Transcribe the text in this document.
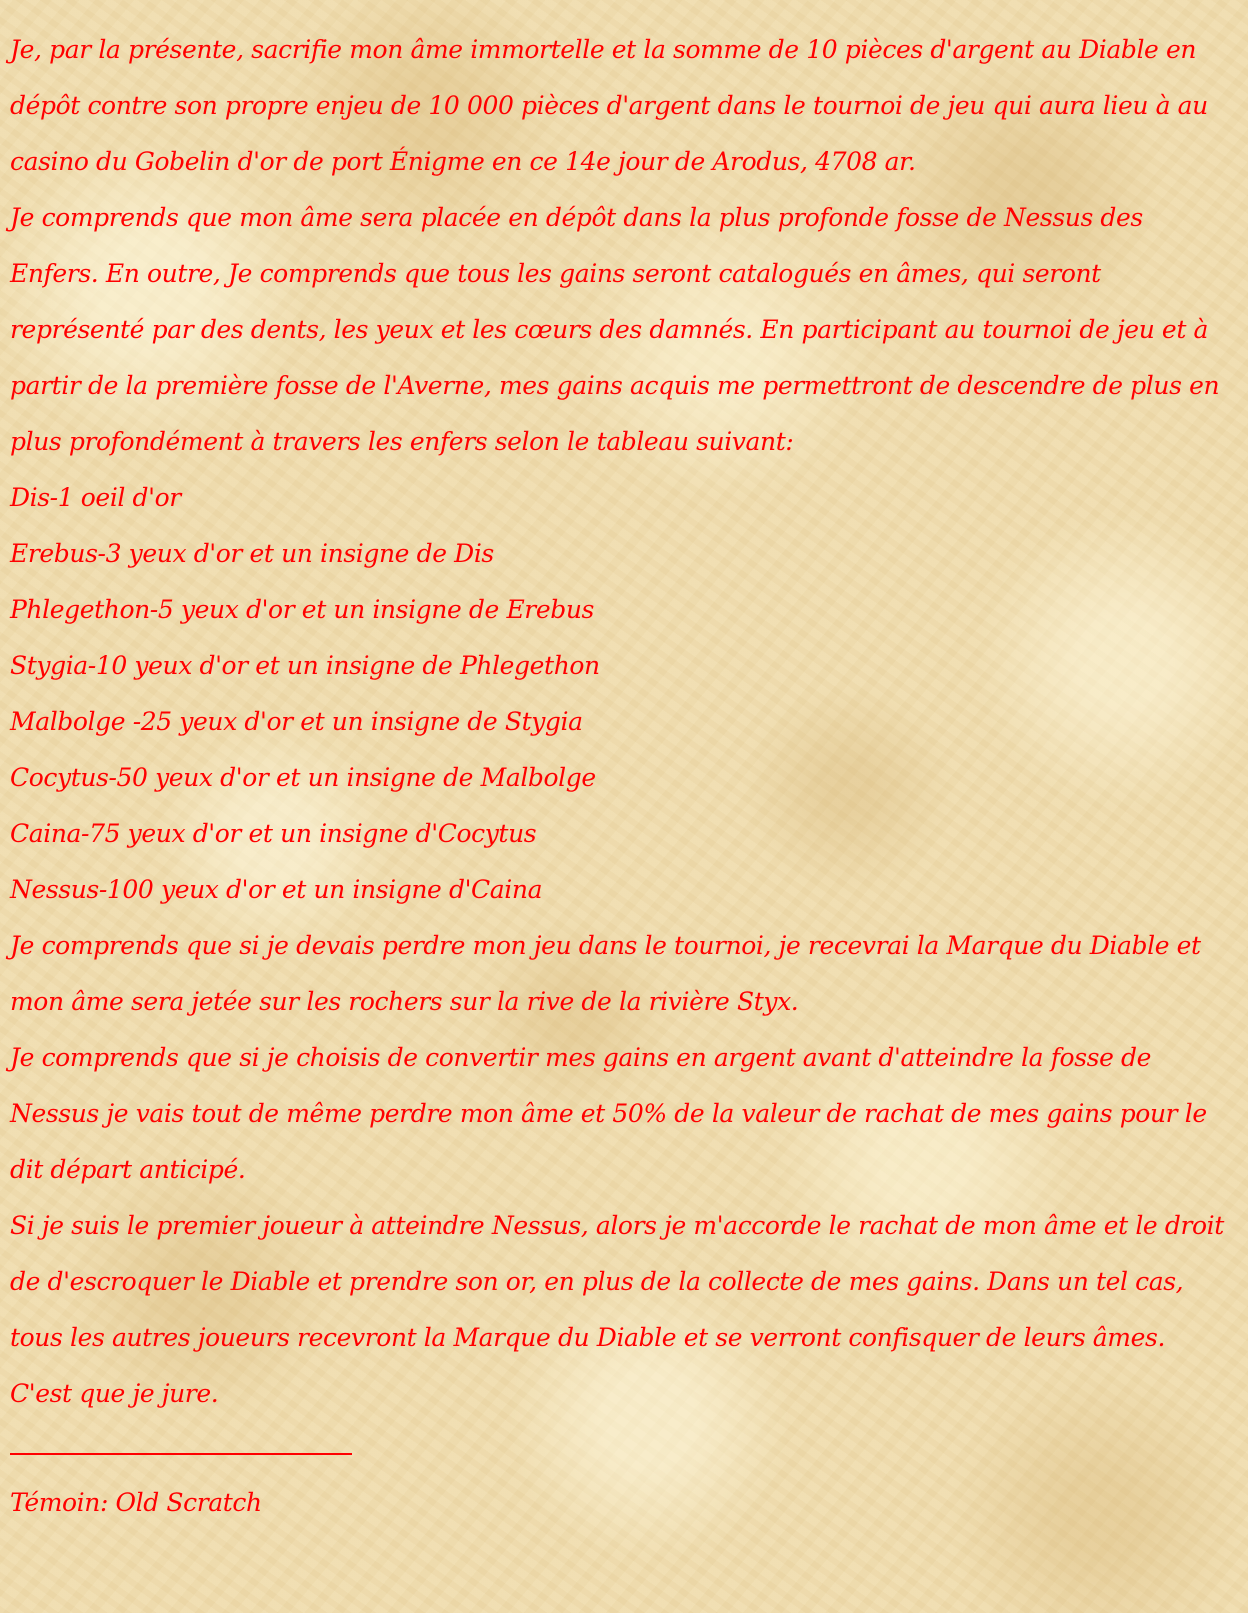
Je, par la présente, sacrifie mon âme immortelle et la somme de 10 pièces d'argent au Diable en dépôt contre son propre enjeu de 10 000 pièces d'argent dans le tournoi de jeu qui aura lieu à au casino du Gobelin d'or de port Énigme en ce 14e jour de Arodus, 4708 ar.

Je comprends que mon âme sera placée en dépôt dans la plus profonde fosse de Nessus des Enfers. En outre, Je comprends que tous les gains seront catalogués en âmes, qui seront représenté par des dents, les yeux et les cœurs des damnés. En participant au tournoi de jeu et à partir de la première fosse de l'Averne, mes gains acquis me permettront de descendre de plus en plus profondément à travers les enfers selon le tableau suivant:

Dis-1 oeil d'or

Erebus-3 yeux d'or et un insigne de Dis

Phlegethon-5 yeux d'or et un insigne de Erebus

Stygia-10 yeux d'or et un insigne de Phlegethon

Malbolge -25 yeux d'or et un insigne de Stygia

Cocytus-50 yeux d'or et un insigne de Malbolge

Caina-75 yeux d'or et un insigne d'Cocytus

Nessus-100 yeux d'or et un insigne d'Caina

Je comprends que si je devais perdre mon jeu dans le tournoi, je recevrai la Marque du Diable et mon âme sera jetée sur les rochers sur la rive de la rivière Styx.

Je comprends que si je choisis de convertir mes gains en argent avant d'atteindre la fosse de Nessus je vais tout de même perdre mon âme et 50% de la valeur de rachat de mes gains pour le dit départ anticipé.

Si je suis le premier joueur à atteindre Nessus, alors je m'accorde le rachat de mon âme et le droit de d'escroquer le Diable et prendre son or, en plus de la collecte de mes gains. Dans un tel cas, tous les autres joueurs recevront la Marque du Diable et se verront confisquer de leurs âmes.

C'est que je jure.

Témoin: Old Scratch
